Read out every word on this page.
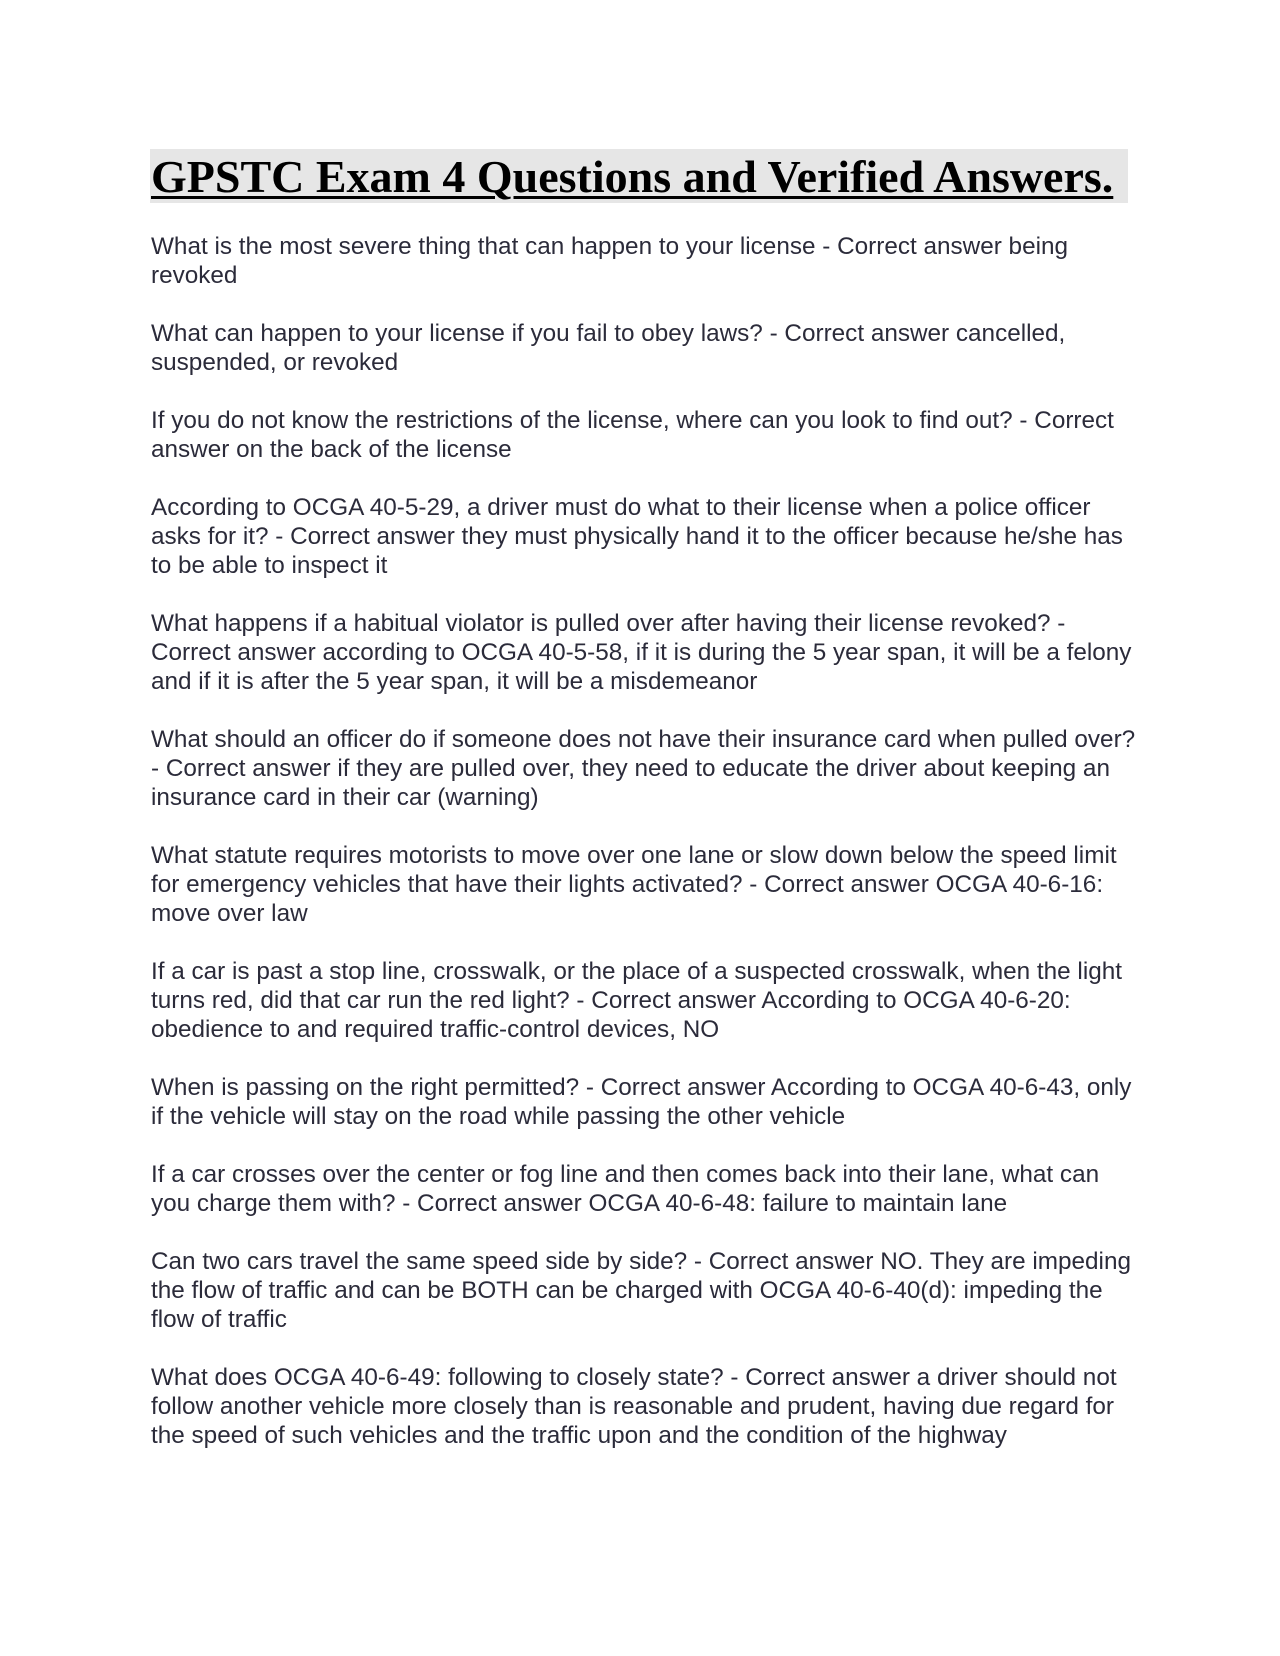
GPSTC Exam 4 Questions and Verified Answers.

What is the most severe thing that can happen to your license - Correct answer being revoked

What can happen to your license if you fail to obey laws? - Correct answer cancelled, suspended, or revoked

If you do not know the restrictions of the license, where can you look to find out? - Correct answer on the back of the license

According to OCGA 40-5-29, a driver must do what to their license when a police officer asks for it? - Correct answer they must physically hand it to the officer because he/she has to be able to inspect it

What happens if a habitual violator is pulled over after having their license revoked? - Correct answer according to OCGA 40-5-58, if it is during the 5 year span, it will be a felony and if it is after the 5 year span, it will be a misdemeanor

What should an officer do if someone does not have their insurance card when pulled over? - Correct answer if they are pulled over, they need to educate the driver about keeping an insurance card in their car (warning)

What statute requires motorists to move over one lane or slow down below the speed limit for emergency vehicles that have their lights activated? - Correct answer OCGA 40-6-16: move over law

If a car is past a stop line, crosswalk, or the place of a suspected crosswalk, when the light turns red, did that car run the red light? - Correct answer According to OCGA 40-6-20: obedience to and required traffic-control devices, NO

When is passing on the right permitted? - Correct answer According to OCGA 40-6-43, only if the vehicle will stay on the road while passing the other vehicle

If a car crosses over the center or fog line and then comes back into their lane, what can you charge them with? - Correct answer OCGA 40-6-48: failure to maintain lane

Can two cars travel the same speed side by side? - Correct answer NO. They are impeding the flow of traffic and can be BOTH can be charged with OCGA 40-6-40(d): impeding the flow of traffic

What does OCGA 40-6-49: following to closely state? - Correct answer a driver should not follow another vehicle more closely than is reasonable and prudent, having due regard for the speed of such vehicles and the traffic upon and the condition of the highway
